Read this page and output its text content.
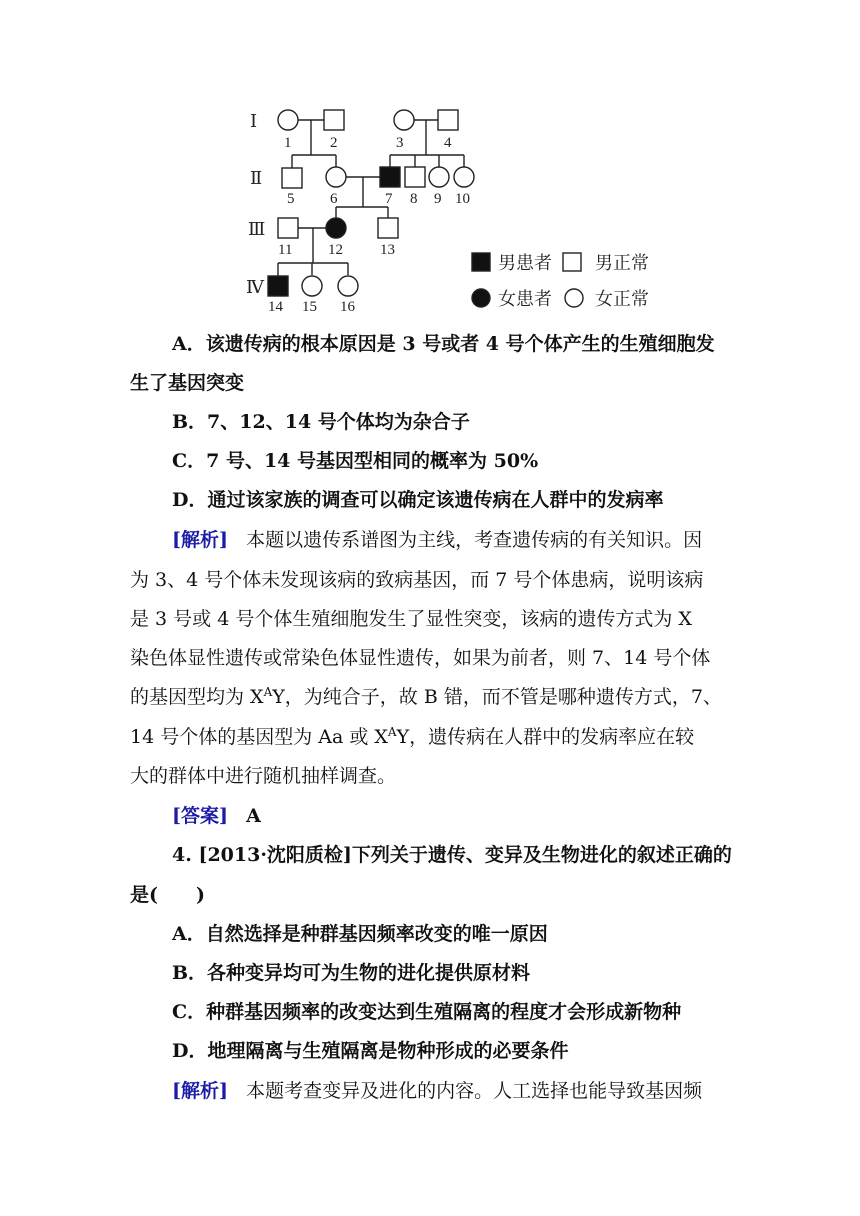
Ⅰ
Ⅱ
Ⅲ
Ⅳ
1	2	3	4
5 6	7 8 9 10
11 12 13
14 15 16
男患者 男正常
女患者 女正常
A．该遗传病的根本原因是 3 号或者 4 号个体产生的生殖细胞发
生了基因突变
B．7、12、14 号个体均为杂合子
C．7 号、14 号基因型相同的概率为 50%
D．通过该家族的调查可以确定该遗传病在人群中的发病率
[解析] 本题以遗传系谱图为主线，考查遗传病的有关知识。因
为 3、4 号个体未发现该病的致病基因，而 7 号个体患病，说明该病
是 3 号或 4 号个体生殖细胞发生了显性突变，该病的遗传方式为 X
染色体显性遗传或常染色体显性遗传，如果为前者，则 7、14 号个体
的基因型均为 $X^AY$，为纯合子，故 B 错，而不管是哪种遗传方式，7、
14 号个体的基因型为 Aa 或 $X^AY$，遗传病在人群中的发病率应在较
大的群体中进行随机抽样调查。
[答案] A
4. [2013·沈阳质检]下列关于遗传、变异及生物进化的叙述正确的
是(　　)
A．自然选择是种群基因频率改变的唯一原因
B．各种变异均可为生物的进化提供原材料
C．种群基因频率的改变达到生殖隔离的程度才会形成新物种
D．地理隔离与生殖隔离是物种形成的必要条件
[解析] 本题考查变异及进化的内容。人工选择也能导致基因频
